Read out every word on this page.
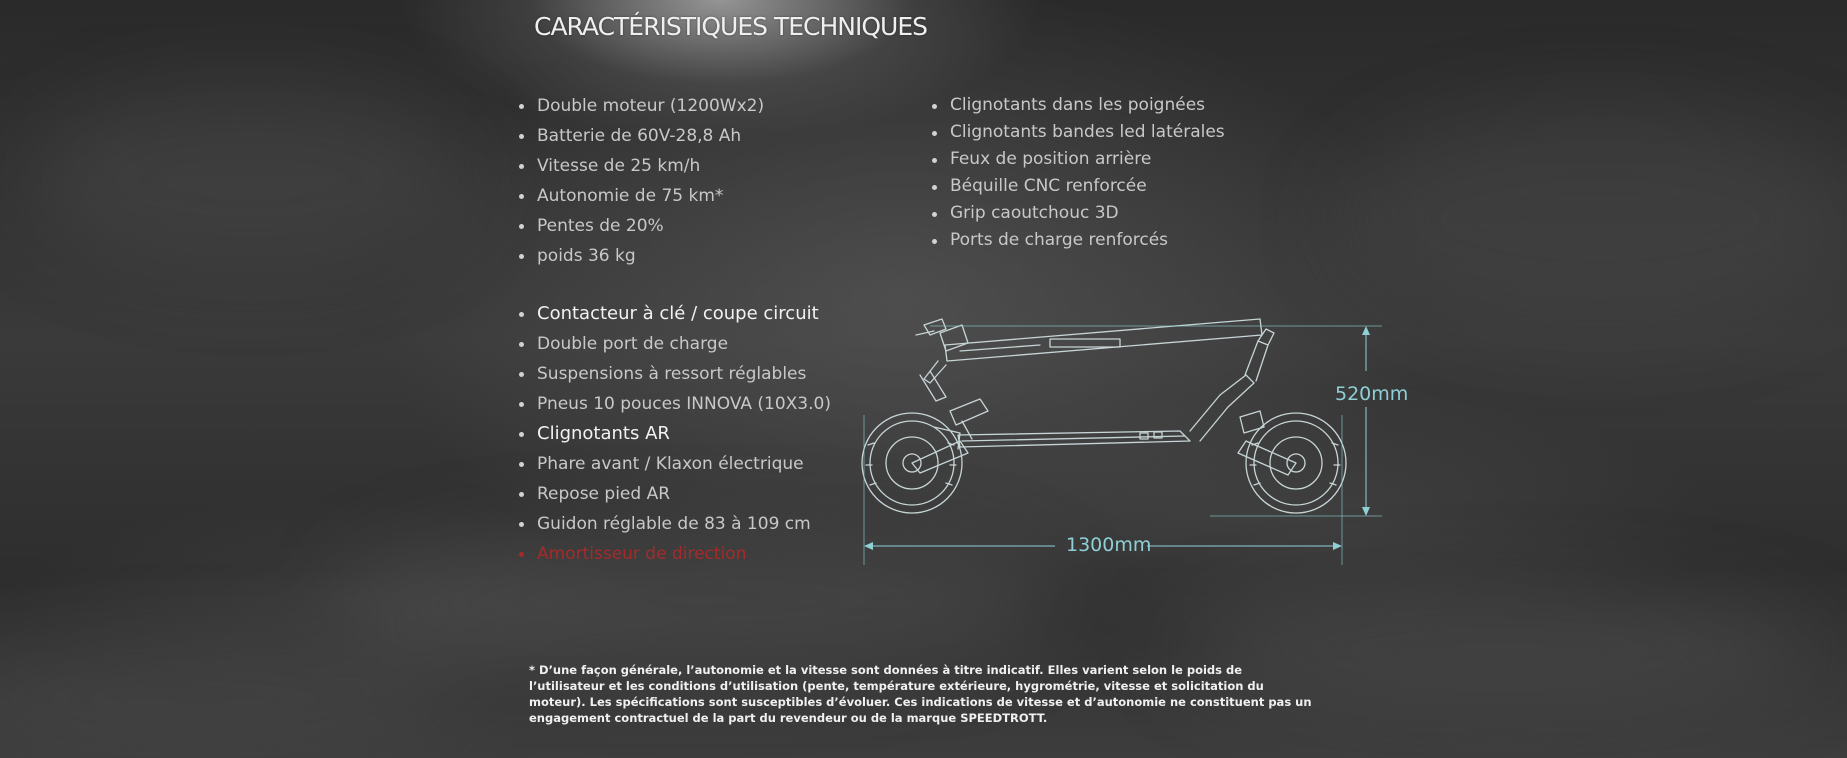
CARACTÉRISTIQUES TECHNIQUES
Double moteur (1200Wx2)
Batterie de 60V-28,8 Ah
Vitesse de 25 km/h
Autonomie de 75 km*
Pentes de 20%
poids 36 kg
Clignotants dans les poignées
Clignotants bandes led latérales
Feux de position arrière
Béquille CNC renforcée
Grip caoutchouc 3D
Ports de charge renforcés
Contacteur à clé / coupe circuit
Double port de charge
Suspensions à ressort réglables
Pneus 10 pouces INNOVA (10X3.0)
Clignotants AR
Phare avant / Klaxon électrique
Repose pied AR
Guidon réglable de 83 à 109 cm
Amortisseur de direction
520mm
1300mm

* D’une façon générale, l’autonomie et la vitesse sont données à titre indicatif. Elles varient selon le poids de l’utilisateur et les conditions d’utilisation (pente, température extérieure, hygrométrie, vitesse et solicitation du moteur). Les spécifications sont susceptibles d’évoluer. Ces indications de vitesse et d’autonomie ne constituent pas un engagement contractuel de la part du revendeur ou de la marque SPEEDTROTT.
